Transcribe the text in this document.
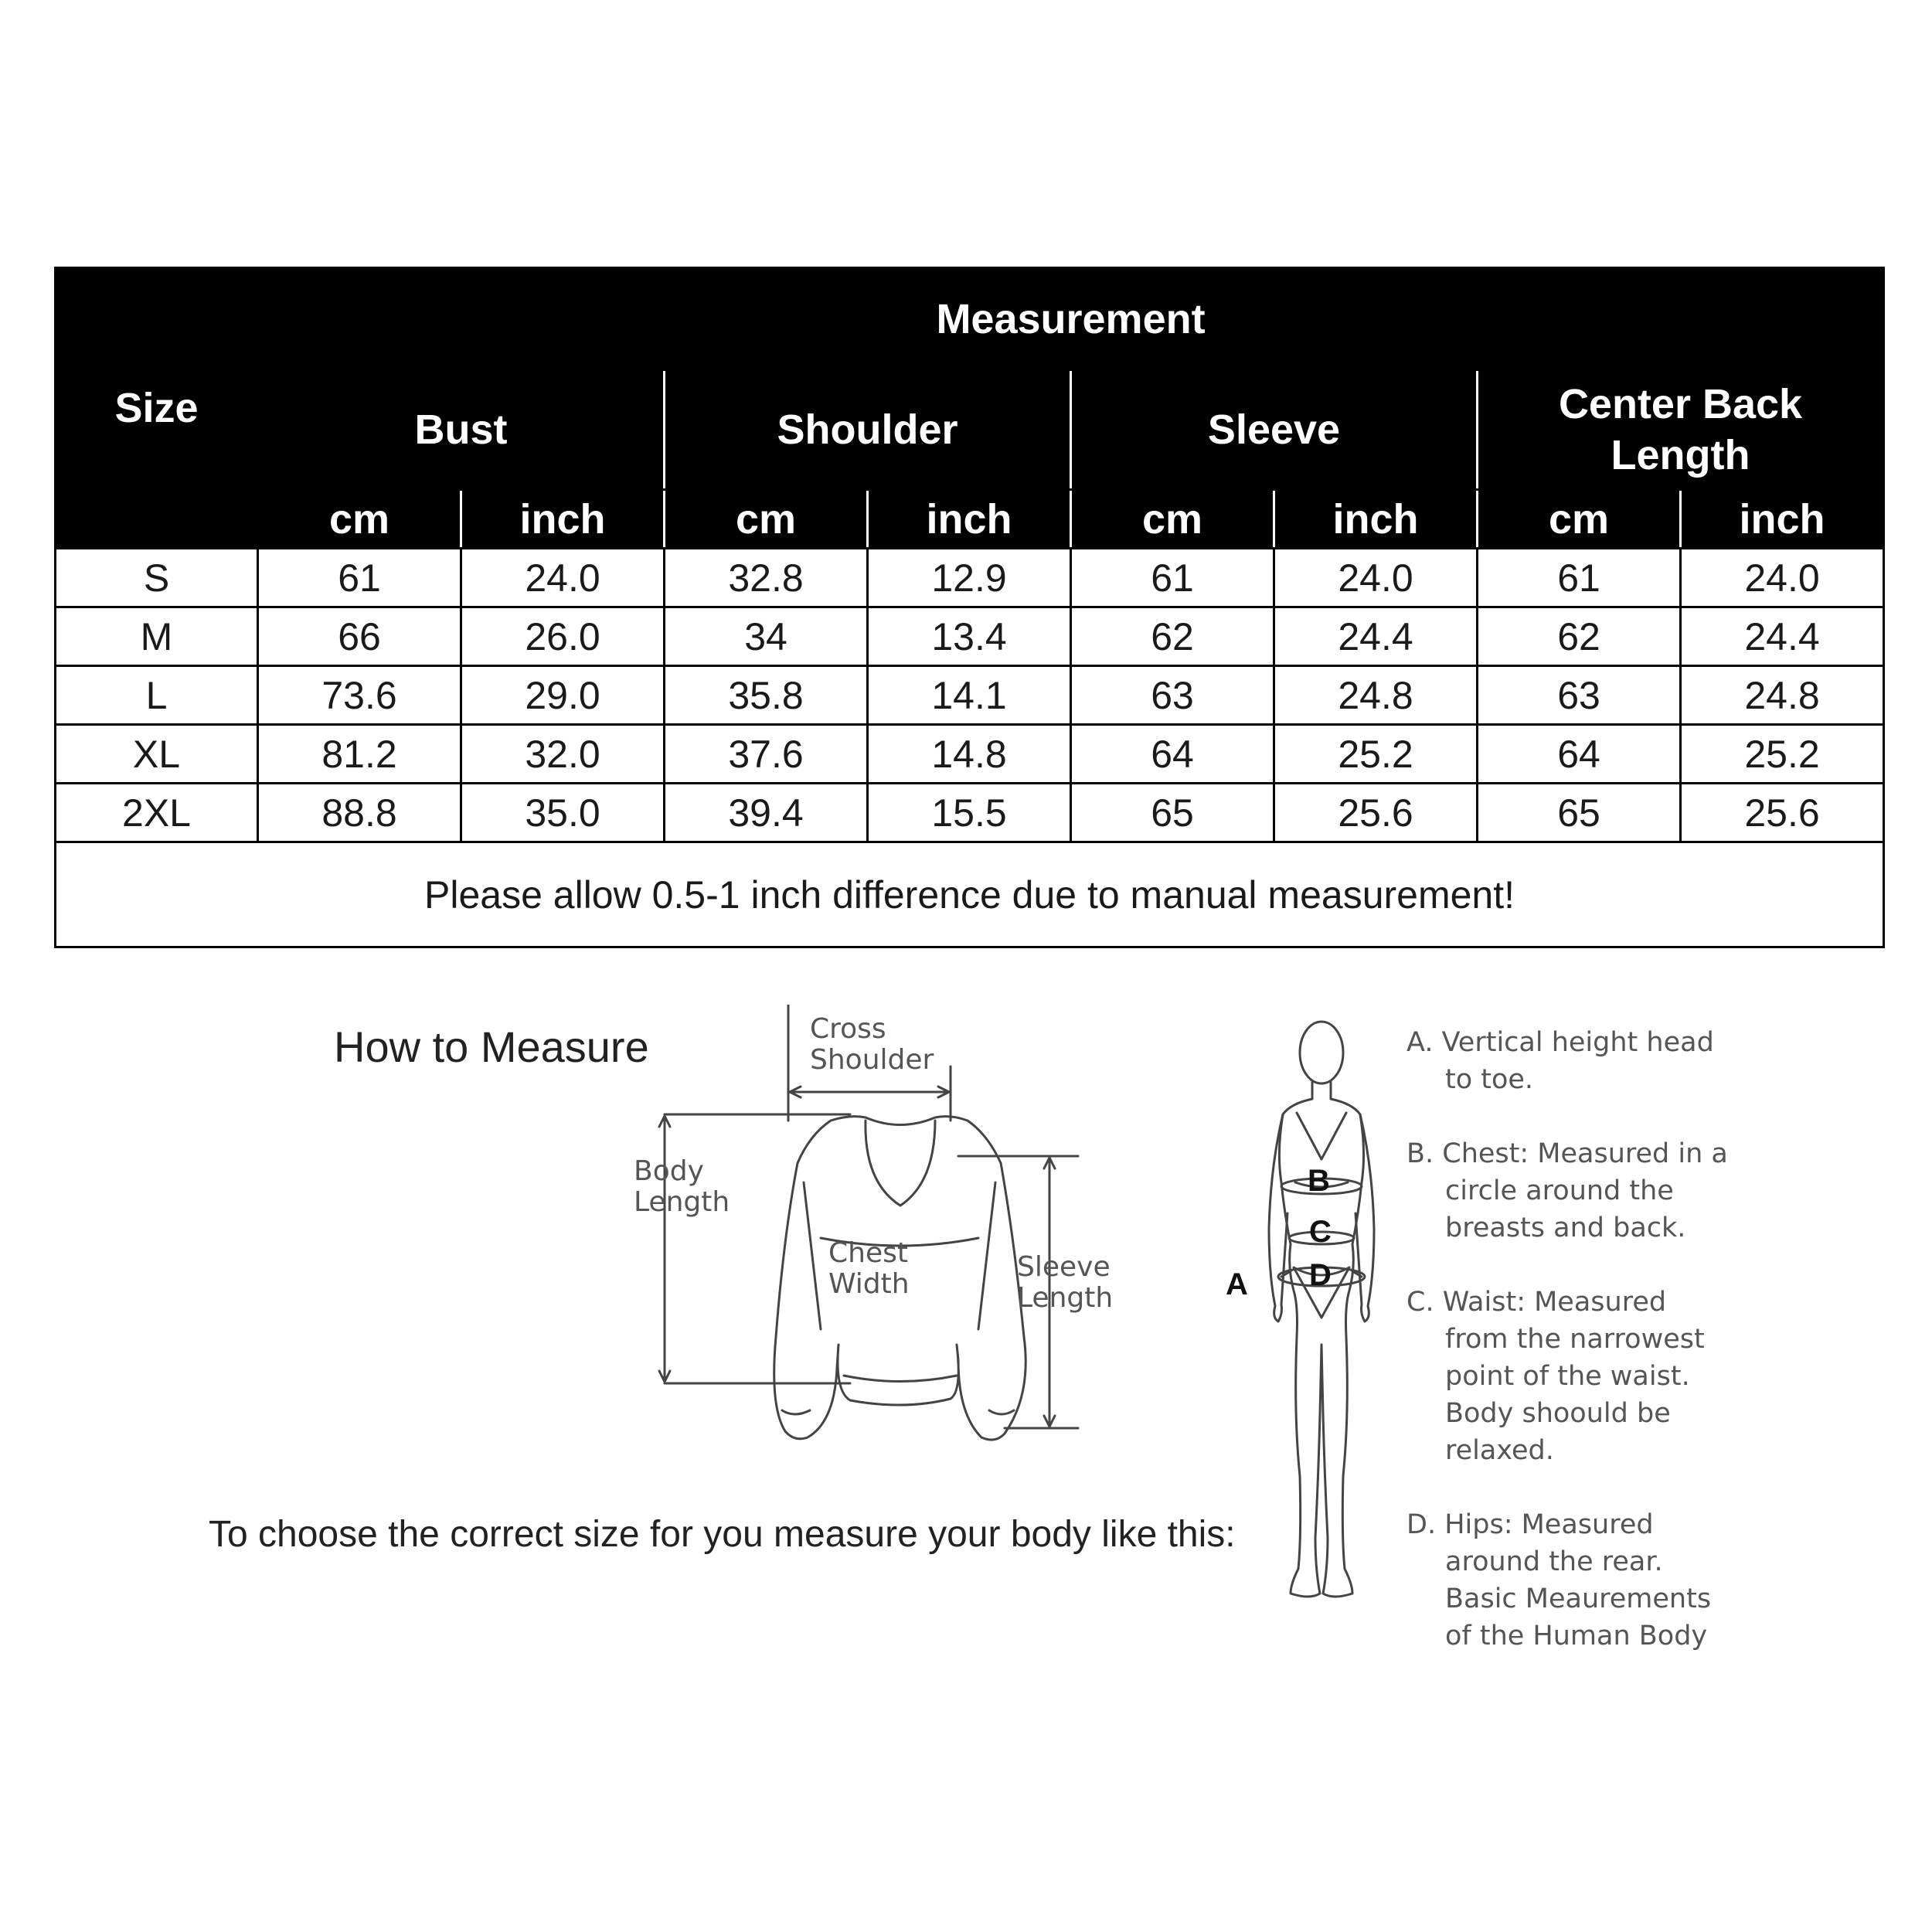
Size	Measurement							
	Bust		Shoulder		Sleeve		Center Back
Length	
	cm	inch	cm	inch	cm	inch	cm	inch
S	61	24.0	32.8	12.9	61	24.0	61	24.0
M	66	26.0	34	13.4	62	24.4	62	24.4
L	73.6	29.0	35.8	14.1	63	24.8	63	24.8
XL	81.2	32.0	37.6	14.8	64	25.2	64	25.2
2XL	88.8	35.0	39.4	15.5	65	25.6	65	25.6
Please allow 0.5-1 inch difference due to manual measurement!								
How to Measure
To choose the correct size for you measure your body like this:
Cross
Shoulder
Body
Length
Chest
Width
Sleeve
Length
B
C
D
A
A. Vertical height head
to toe.
B. Chest: Measured in a
circle around the
breasts and back.
C. Waist: Measured
from the narrowest
point of the waist.
Body shoould be
relaxed.
D. Hips: Measured
around the rear.
Basic Meaurements
of the Human Body
